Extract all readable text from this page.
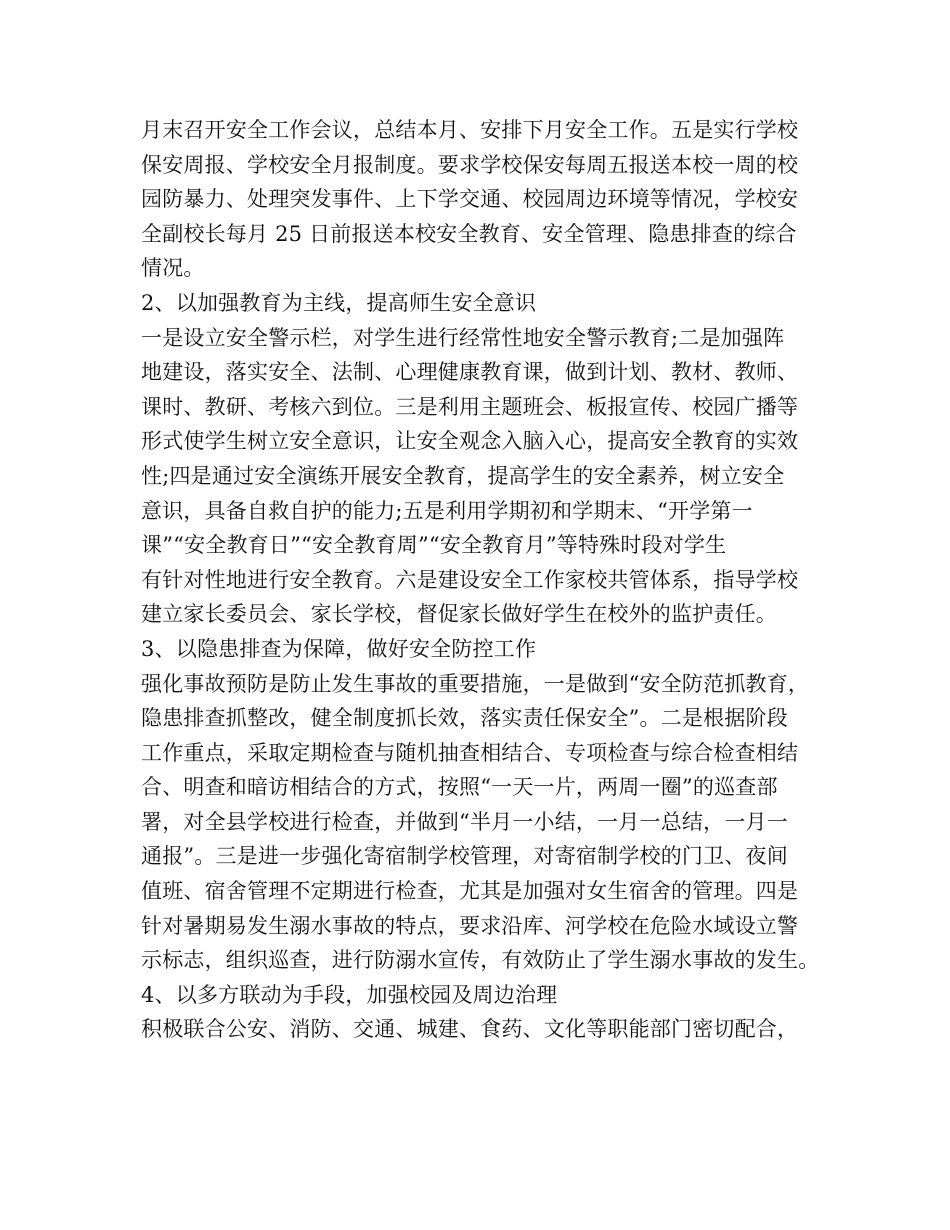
月末召开安全工作会议，总结本月、安排下月安全工作。五是实行学校
保安周报、学校安全月报制度。要求学校保安每周五报送本校一周的校
园防暴力、处理突发事件、上下学交通、校园周边环境等情况，学校安
全副校长每月 25 日前报送本校安全教育、安全管理、隐患排查的综合
情况。
2、以加强教育为主线，提高师生安全意识
一是设立安全警示栏，对学生进行经常性地安全警示教育;二是加强阵
地建设，落实安全、法制、心理健康教育课，做到计划、教材、教师、
课时、教研、考核六到位。三是利用主题班会、板报宣传、校园广播等
形式使学生树立安全意识，让安全观念入脑入心，提高安全教育的实效
性;四是通过安全演练开展安全教育，提高学生的安全素养，树立安全
意识，具备自救自护的能力;五是利用学期初和学期末、“开学第一
课”“安全教育日”“安全教育周”“安全教育月”等特殊时段对学生
有针对性地进行安全教育。六是建设安全工作家校共管体系，指导学校
建立家长委员会、家长学校，督促家长做好学生在校外的监护责任。
3、以隐患排查为保障，做好安全防控工作
强化事故预防是防止发生事故的重要措施，一是做到“安全防范抓教育，
隐患排查抓整改，健全制度抓长效，落实责任保安全”。二是根据阶段
工作重点，采取定期检查与随机抽查相结合、专项检查与综合检查相结
合、明查和暗访相结合的方式，按照“一天一片，两周一圈”的巡查部
署，对全县学校进行检查，并做到“半月一小结，一月一总结，一月一
通报”。三是进一步强化寄宿制学校管理，对寄宿制学校的门卫、夜间
值班、宿舍管理不定期进行检查，尤其是加强对女生宿舍的管理。四是
针对暑期易发生溺水事故的特点，要求沿库、河学校在危险水域设立警
示标志，组织巡查，进行防溺水宣传，有效防止了学生溺水事故的发生。
4、以多方联动为手段，加强校园及周边治理
积极联合公安、消防、交通、城建、食药、文化等职能部门密切配合，
